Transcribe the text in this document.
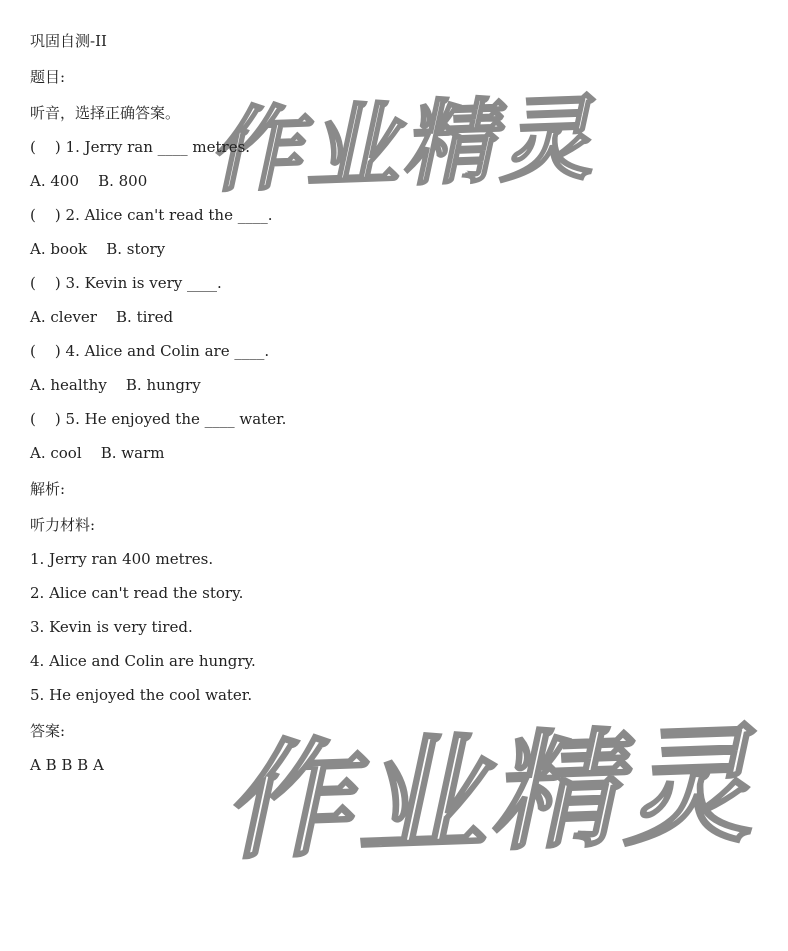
作业精灵
作业精灵
巩固自测-II
题目:
听音，选择正确答案。
(    ) 1. Jerry ran ____ metres.
A. 400    B. 800
(    ) 2. Alice can't read the ____.
A. book    B. story
(    ) 3. Kevin is very ____.
A. clever    B. tired
(    ) 4. Alice and Colin are ____.
A. healthy    B. hungry
(    ) 5. He enjoyed the ____ water.
A. cool    B. warm
解析:
听力材料:
1. Jerry ran 400 metres.
2. Alice can't read the story.
3. Kevin is very tired.
4. Alice and Colin are hungry.
5. He enjoyed the cool water.
答案:
A B B B A
